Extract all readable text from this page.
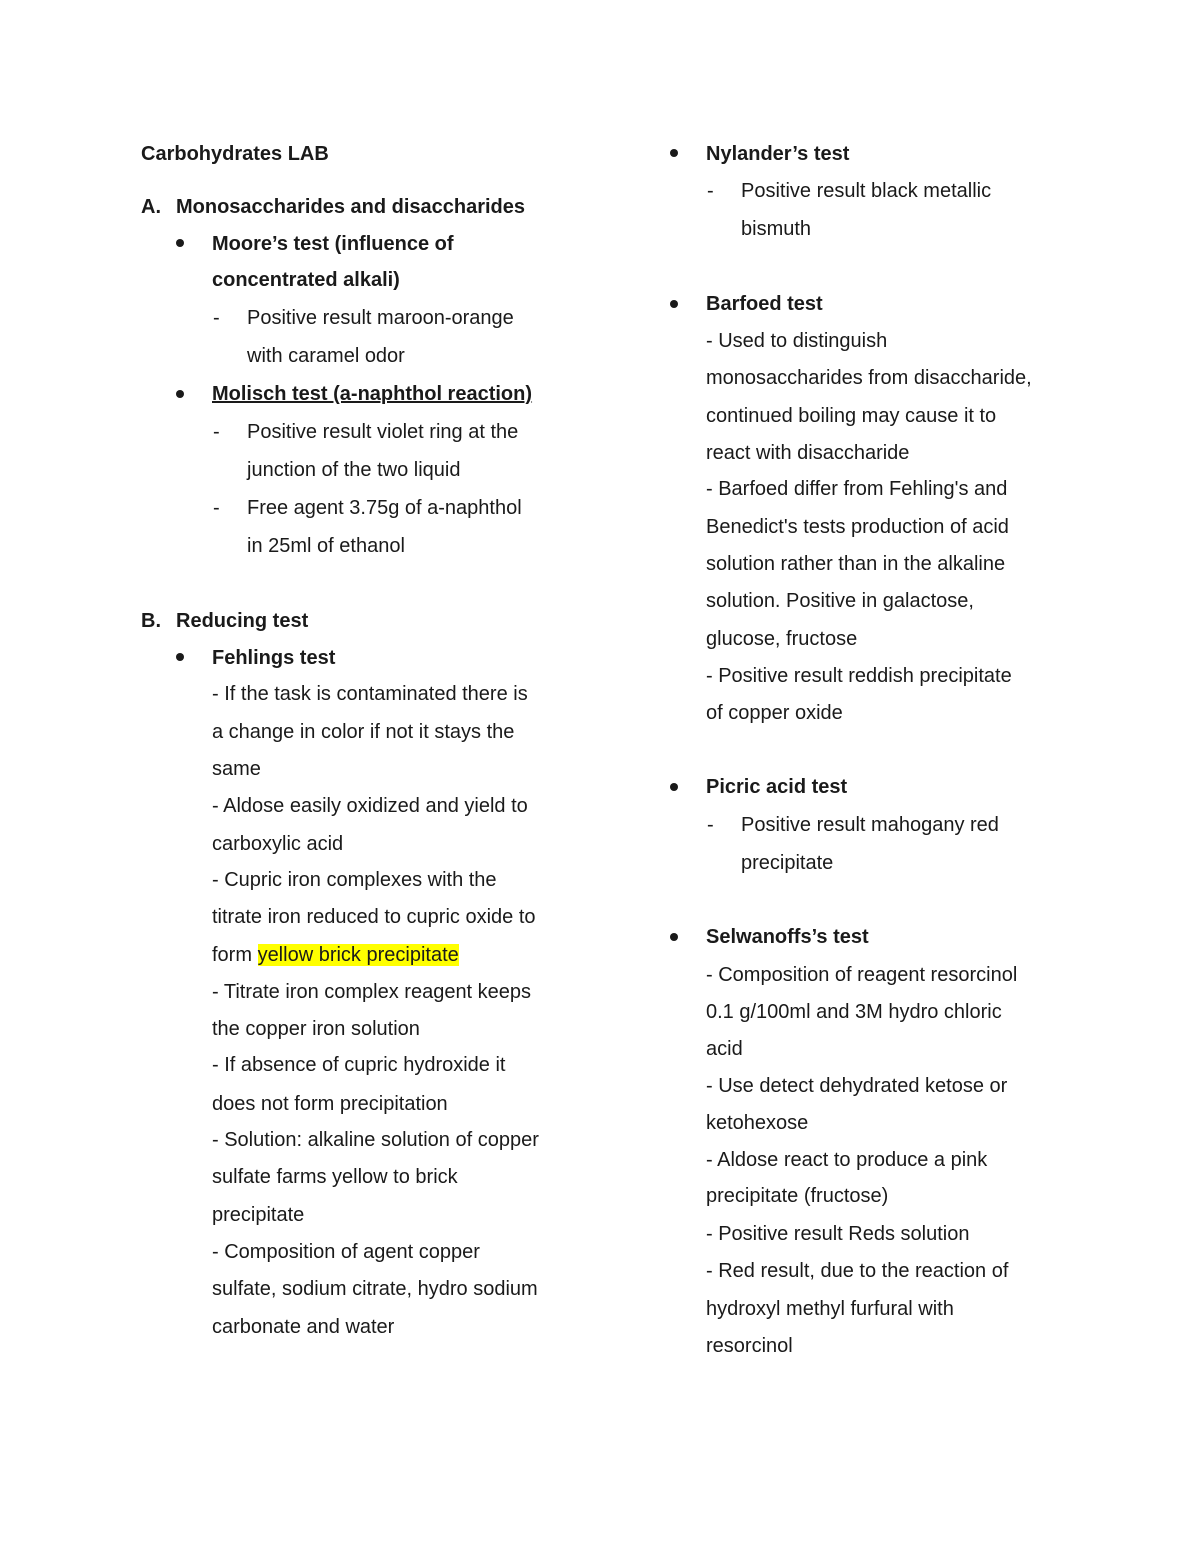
Carbohydrates LAB
A. Monosaccharides and disaccharides
Moore’s test (influence of
concentrated alkali)
- Positive result maroon-orange
with caramel odor
Molisch test (a-naphthol reaction)
- Positive result violet ring at the
junction of the two liquid
- Free agent 3.75g of a-naphthol
in 25ml of ethanol
B. Reducing test
Fehlings test
- If the task is contaminated there is
a change in color if not it stays the
same
- Aldose easily oxidized and yield to
carboxylic acid
- Cupric iron complexes with the
titrate iron reduced to cupric oxide to
form yellow brick precipitate
- Titrate iron complex reagent keeps
the copper iron solution
- If absence of cupric hydroxide it
does not form precipitation
- Solution: alkaline solution of copper
sulfate farms yellow to brick
precipitate
- Composition of agent copper
sulfate, sodium citrate, hydro sodium
carbonate and water
Nylander’s test
- Positive result black metallic
bismuth
Barfoed test
- Used to distinguish
monosaccharides from disaccharide,
continued boiling may cause it to
react with disaccharide
- Barfoed differ from Fehling's and
Benedict's tests production of acid
solution rather than in the alkaline
solution. Positive in galactose,
glucose, fructose
- Positive result reddish precipitate
of copper oxide
Picric acid test
- Positive result mahogany red
precipitate
Selwanoffs’s test
- Composition of reagent resorcinol
0.1 g/100ml and 3M hydro chloric
acid
- Use detect dehydrated ketose or
ketohexose
- Aldose react to produce a pink
precipitate (fructose)
- Positive result Reds solution
- Red result, due to the reaction of
hydroxyl methyl furfural with
resorcinol
